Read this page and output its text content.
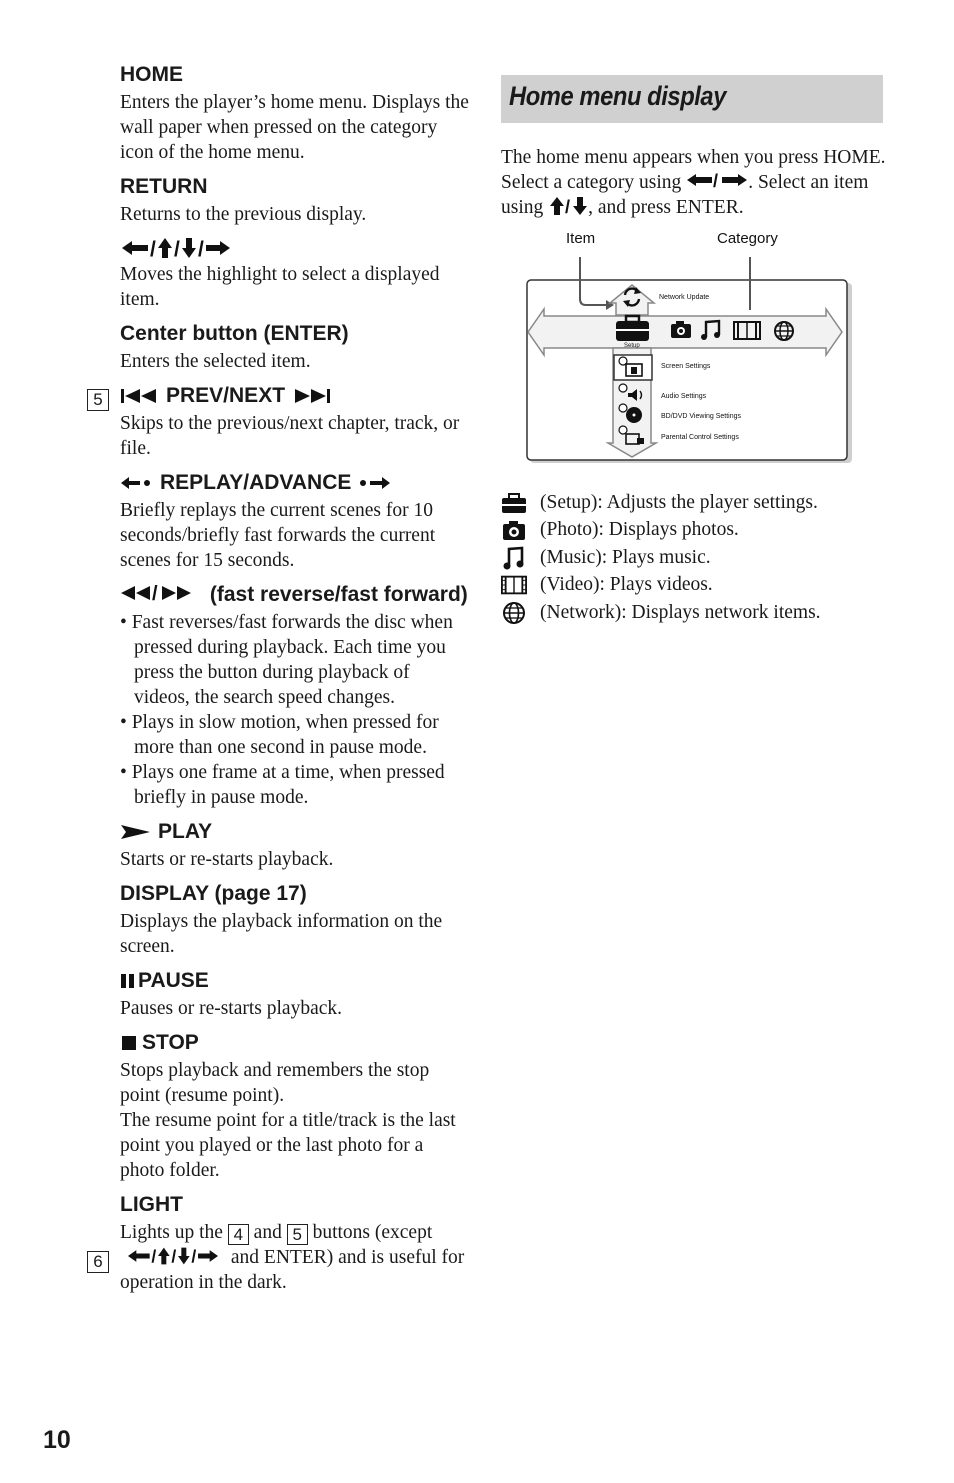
HOME
Enters the player’s home menu. Displays the wall paper when pressed on the category icon of the home menu.
RETURN
Returns to the previous display.
/ / /
Moves the highlight to select a displayed item.
Center button (ENTER)
Enters the selected item.
PREV/NEXT
Skips to the previous/next chapter, track, or file.
REPLAY/ADVANCE
Briefly replays the current scenes for 10 seconds/briefly fast forwards the current scenes for 15 seconds.
/ (fast reverse/fast forward)
• Fast reverses/fast forwards the disc when pressed during playback. Each time you press the button during playback of videos, the search speed changes.
• Plays in slow motion, when pressed for more than one second in pause mode.
• Plays one frame at a time, when pressed briefly in pause mode.
PLAY
Starts or re-starts playback.
DISPLAY (page 17)
Displays the playback information on the screen.
PAUSE
Pauses or re-starts playback.
STOP
Stops playback and remembers the stop point (resume point).
The resume point for a title/track is the last point you played or the last photo for a photo folder.
LIGHT
Lights up the 4 and 5 buttons (except
/ / / and ENTER) and is useful for operation in the dark.
5
6
Home menu display
The home menu appears when you press HOME. Select a category using / . Select an item using / , and press ENTER.
Item	Category
Network Update
Setup
Screen Settings
Audio Settings
BD/DVD Viewing Settings
Parental Control Settings
(Setup): Adjusts the player settings.
(Photo): Displays photos.
(Music): Plays music.
(Video): Plays videos.
(Network): Displays network items.
10
